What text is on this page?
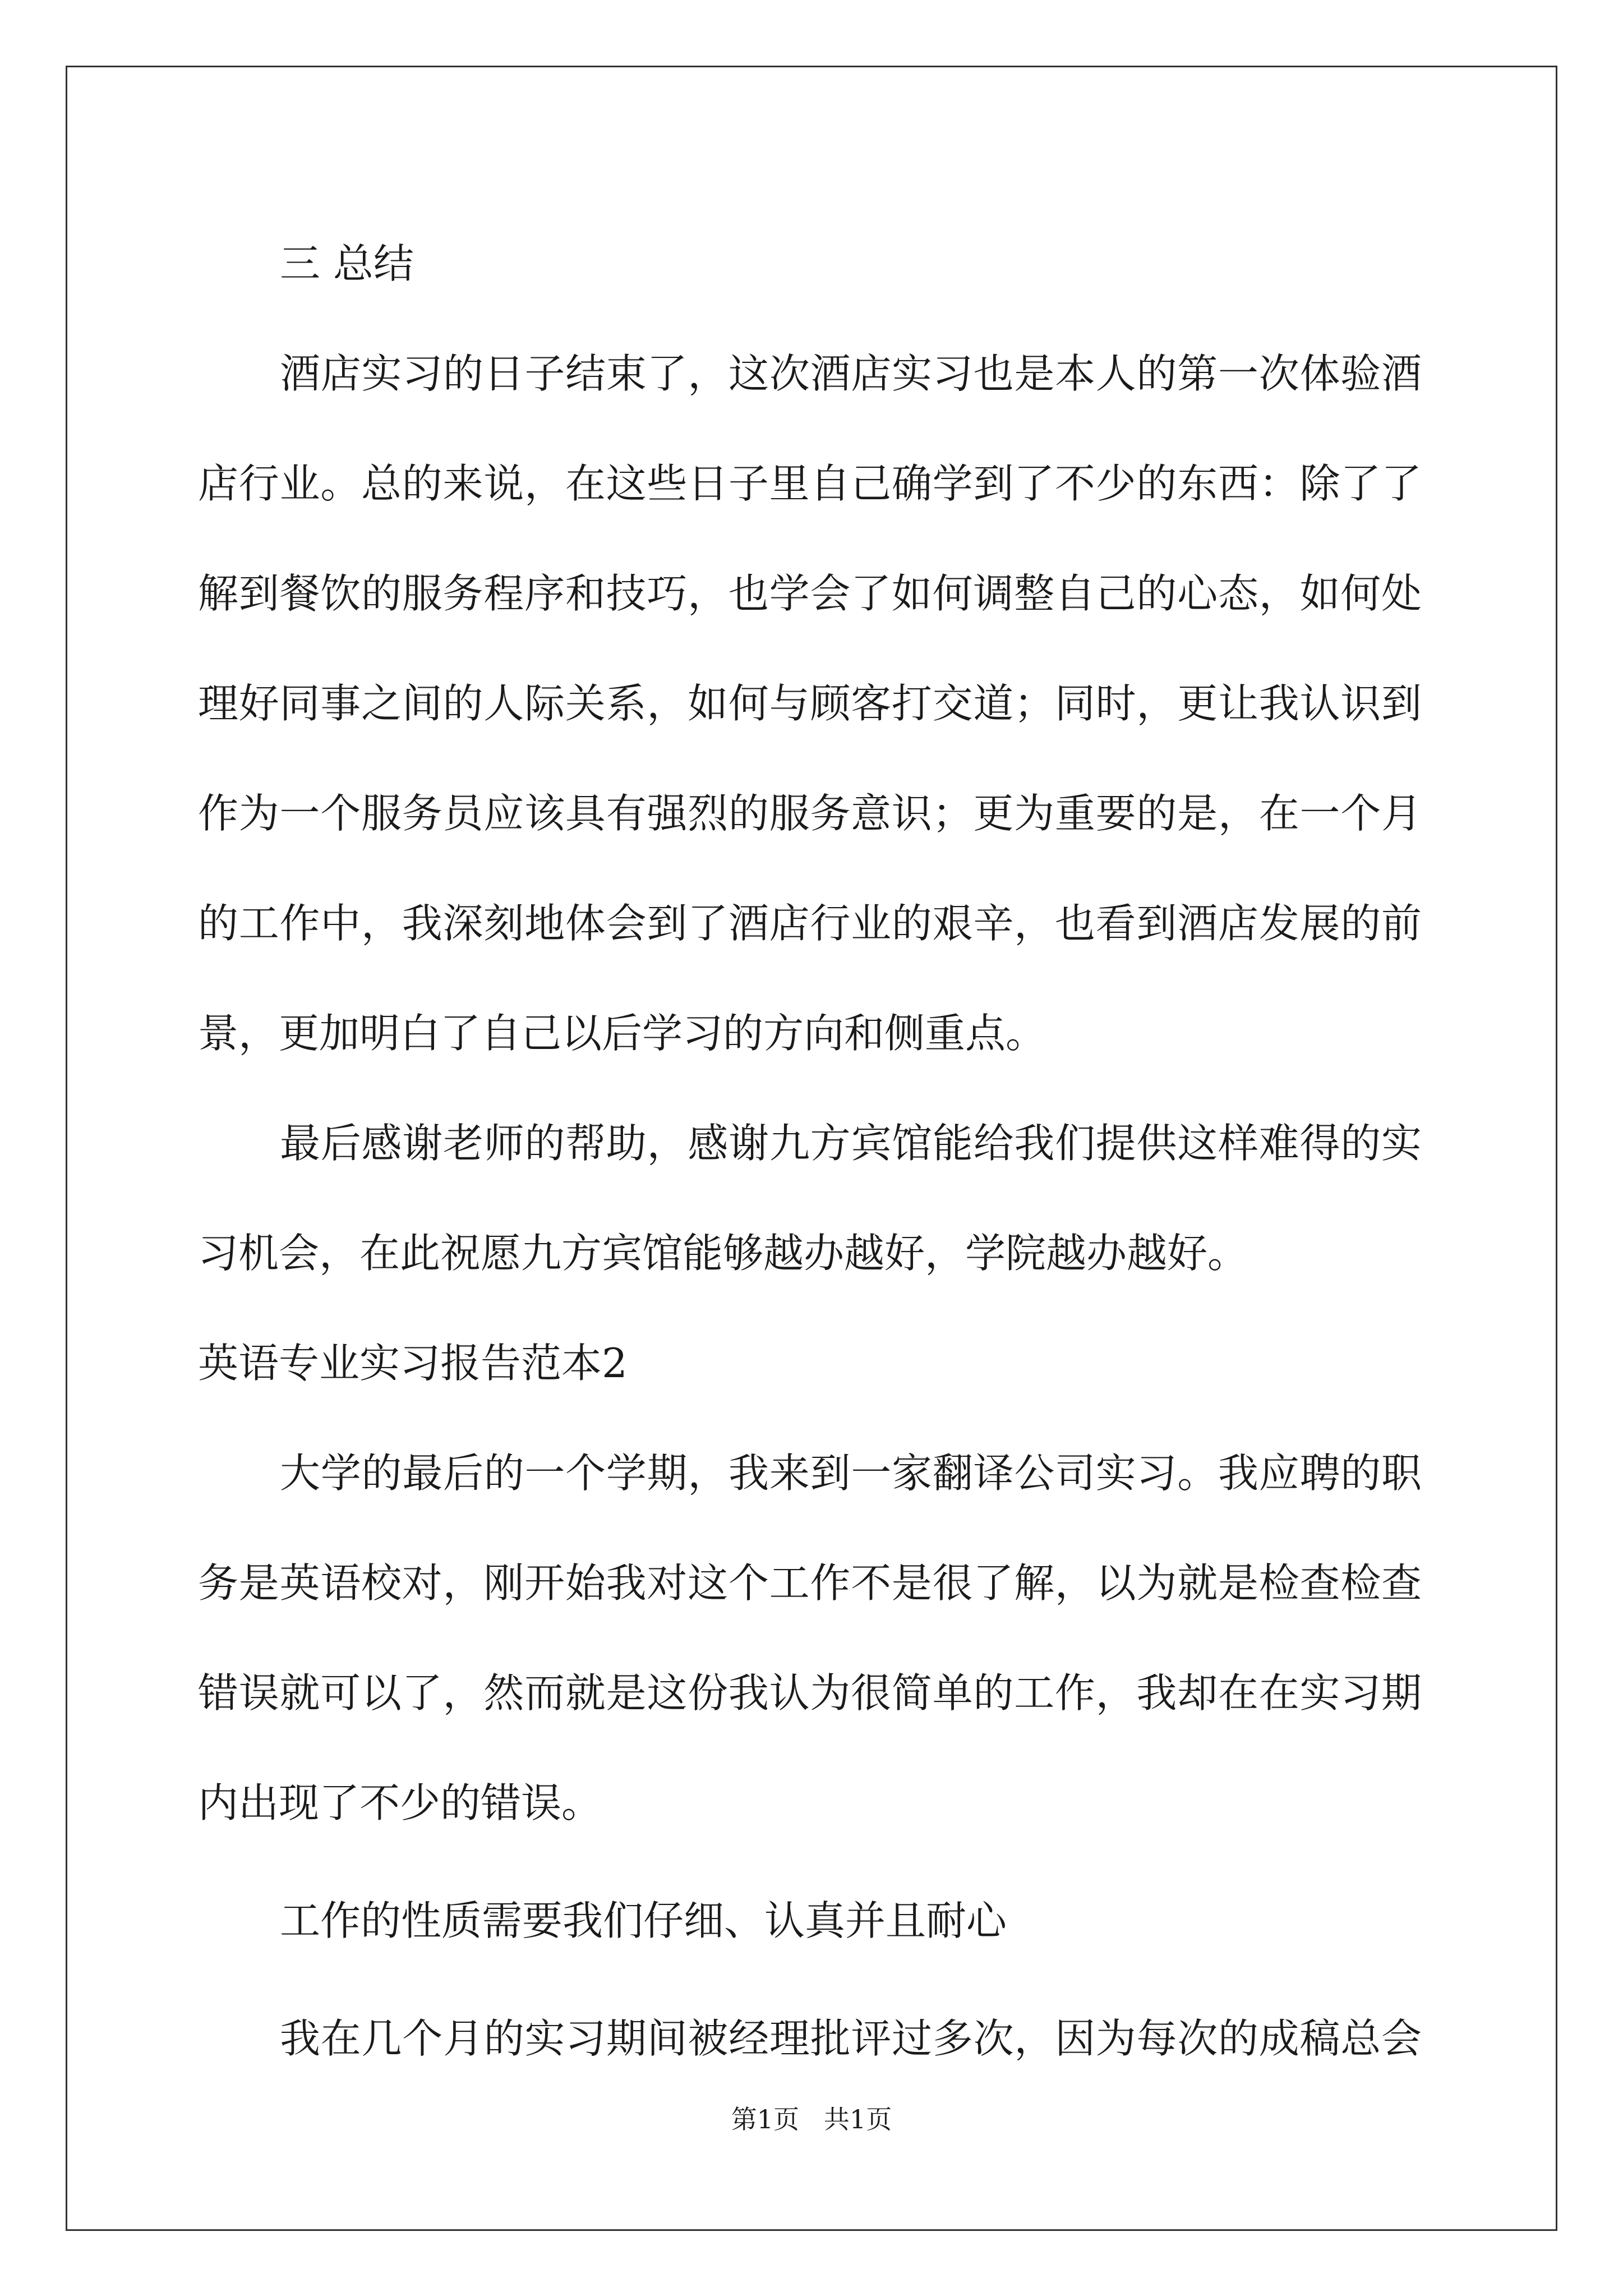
三 总结
酒店实习的日子结束了，这次酒店实习也是本人的第一次体验酒
店行业。总的来说，在这些日子里自己确学到了不少的东西：除了了
解到餐饮的服务程序和技巧，也学会了如何调整自己的心态，如何处
理好同事之间的人际关系，如何与顾客打交道；同时，更让我认识到
作为一个服务员应该具有强烈的服务意识；更为重要的是，在一个月
的工作中，我深刻地体会到了酒店行业的艰辛，也看到酒店发展的前
景，更加明白了自己以后学习的方向和侧重点。
最后感谢老师的帮助，感谢九方宾馆能给我们提供这样难得的实
习机会，在此祝愿九方宾馆能够越办越好，学院越办越好。
英语专业实习报告范本2
大学的最后的一个学期，我来到一家翻译公司实习。我应聘的职
务是英语校对，刚开始我对这个工作不是很了解，以为就是检查检查
错误就可以了，然而就是这份我认为很简单的工作，我却在在实习期
内出现了不少的错误。
工作的性质需要我们仔细、认真并且耐心
我在几个月的实习期间被经理批评过多次，因为每次的成稿总会
第1页   共1页
